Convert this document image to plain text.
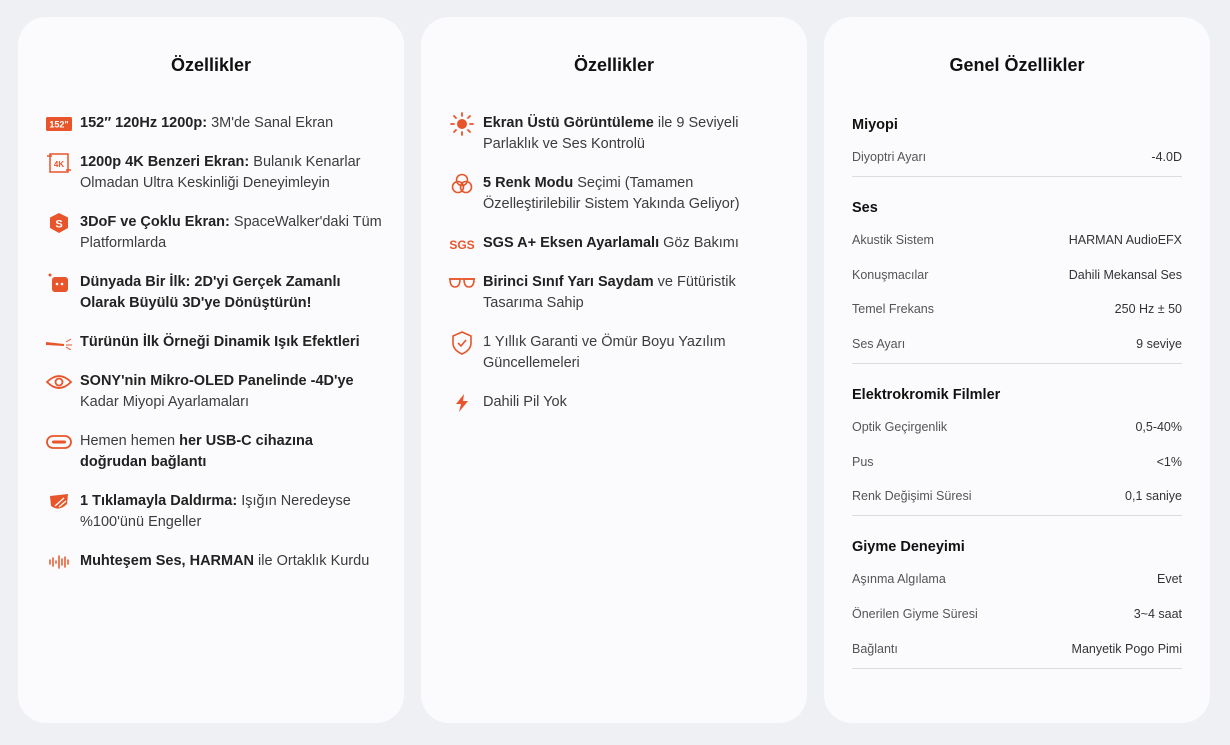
Özellikler
152" 152″ 120Hz 1200p: 3M'de Sanal Ekran
4K 1200p 4K Benzeri Ekran: Bulanık Kenarlar Olmadan Ultra Keskinliği Deneyimleyin
S 3DoF ve Çoklu Ekran: SpaceWalker'daki Tüm Platformlarda
Dünyada Bir İlk: 2D'yi Gerçek Zamanlı Olarak Büyülü 3D'ye Dönüştürün!
Türünün İlk Örneği Dinamik Işık Efektleri
SONY'nin Mikro-OLED Panelinde -4D'ye Kadar Miyopi Ayarlamaları
Hemen hemen her USB-C cihazına doğrudan bağlantı
1 Tıklamayla Daldırma: Işığın Neredeyse %100'ünü Engeller
Muhteşem Ses, HARMAN ile Ortaklık Kurdu
Özellikler
Ekran Üstü Görüntüleme ile 9 Seviyeli Parlaklık ve Ses Kontrolü
5 Renk Modu Seçimi (Tamamen Özelleştirilebilir Sistem Yakında Geliyor)
SGS SGS A+ Eksen Ayarlamalı Göz Bakımı
Birinci Sınıf Yarı Saydam ve Fütüristik Tasarıma Sahip
1 Yıllık Garanti ve Ömür Boyu Yazılım Güncellemeleri
Dahili Pil Yok
Genel Özellikler
Miyopi
Diyoptri Ayarı	-4.0D
Ses
Akustik Sistem	HARMAN AudioEFX
Konuşmacılar	Dahili Mekansal Ses
Temel Frekans	250 Hz ± 50
Ses Ayarı	9 seviye
Elektrokromik Filmler
Optik Geçirgenlik	0,5-40%
Pus	<1%
Renk Değişimi Süresi	0,1 saniye
Giyme Deneyimi
Aşınma Algılama	Evet
Önerilen Giyme Süresi	3~4 saat
Bağlantı	Manyetik Pogo Pimi
